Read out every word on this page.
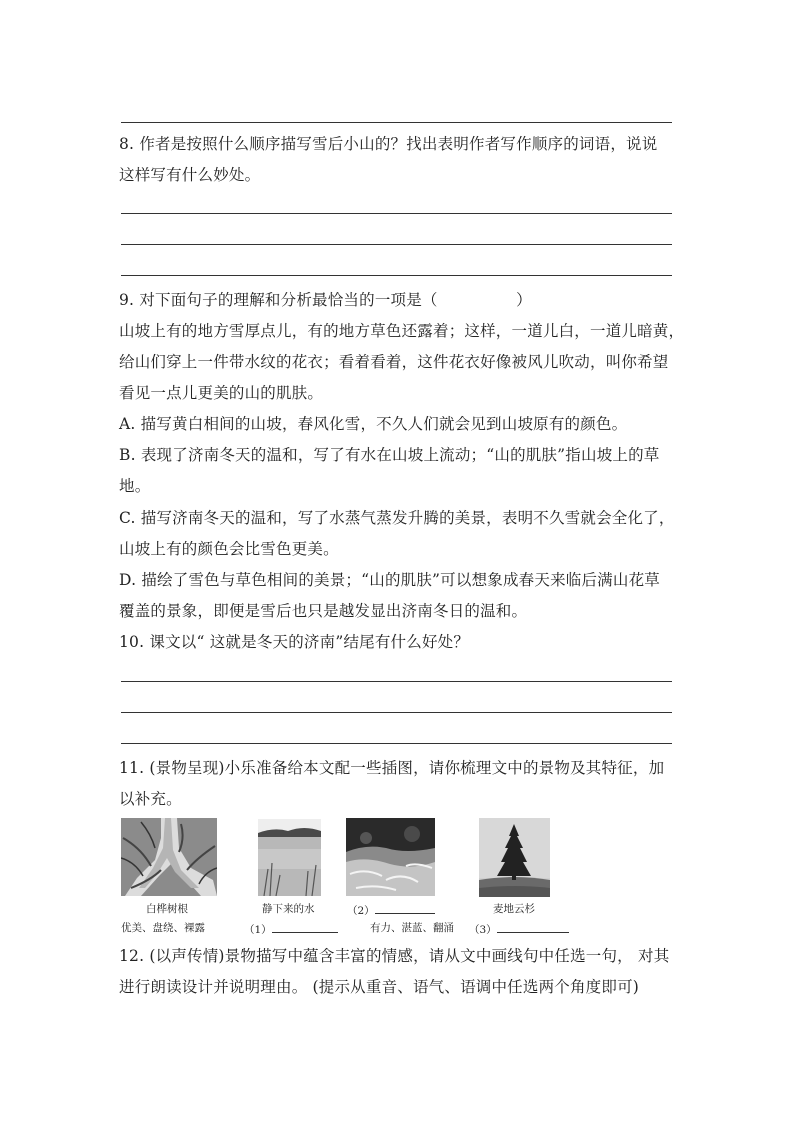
8. 作者是按照什么顺序描写雪后小山的？找出表明作者写作顺序的词语，说说
这样写有什么妙处。
9. 对下面句子的理解和分析最恰当的一项是（　　　　　）
山坡上有的地方雪厚点儿，有的地方草色还露着；这样，一道儿白，一道儿暗黄，
给山们穿上一件带水纹的花衣；看着看着，这件花衣好像被风儿吹动，叫你希望
看见一点儿更美的山的肌肤。
A. 描写黄白相间的山坡，春风化雪，不久人们就会见到山坡原有的颜色。
B. 表现了济南冬天的温和，写了有水在山坡上流动；“山的肌肤”指山坡上的草
地。
C. 描写济南冬天的温和，写了水蒸气蒸发升腾的美景，表明不久雪就会全化了，
山坡上有的颜色会比雪色更美。
D. 描绘了雪色与草色相间的美景；“山的肌肤”可以想象成春天来临后满山花草
覆盖的景象，即便是雪后也只是越发显出济南冬日的温和。
10. 课文以“ 这就是冬天的济南”结尾有什么好处？
11. (景物呈现)小乐准备给本文配一些插图，请你梳理文中的景物及其特征，加
以补充。
白桦树根
优美、盘绕、裸露
静下来的水
（1）
（2）
有力、湛蓝、翻涌
麦地云杉
（3）
12. (以声传情)景物描写中蕴含丰富的情感，请从文中画线句中任选一句， 对其
进行朗读设计并说明理由。 (提示从重音、语气、语调中任选两个角度即可)
